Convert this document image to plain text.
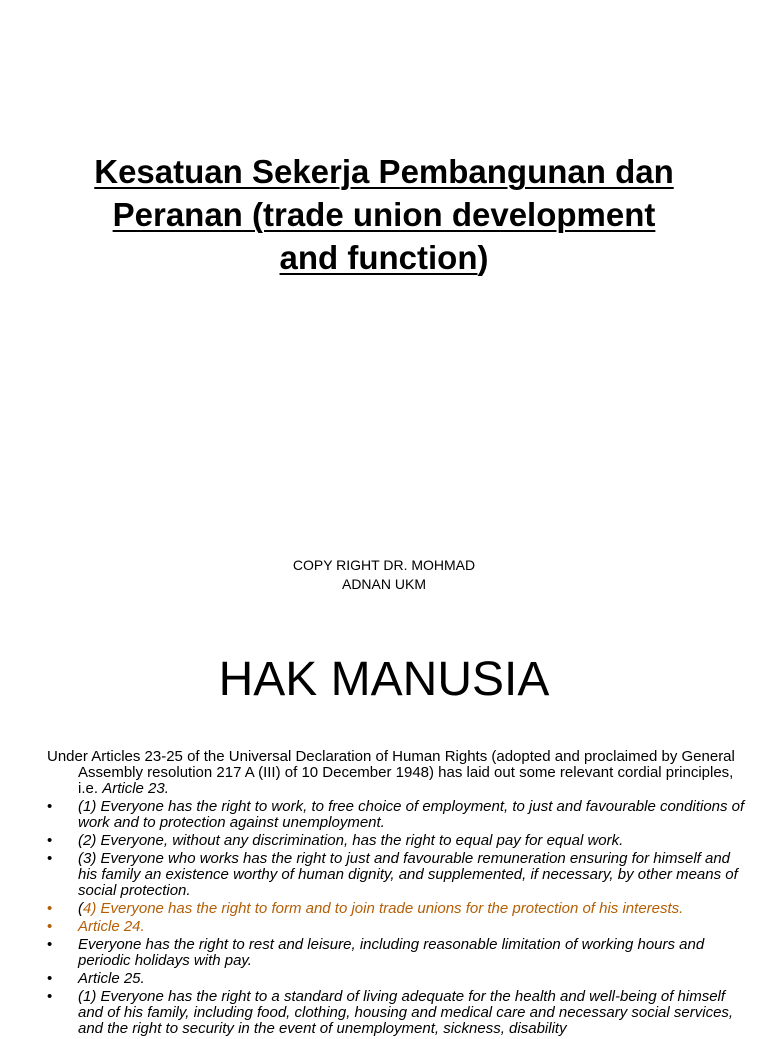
Kesatuan Sekerja Pembangunan dan
Peranan (trade union development
and function)

COPY RIGHT DR. MOHMAD
ADNAN UKM

HAK MANUSIA

Under Articles 23-25 of the Universal Declaration of Human Rights (adopted and proclaimed by General Assembly resolution 217 A (III) of 10 December 1948) has laid out some relevant cordial principles, i.e. Article 23.

•	(1) Everyone has the right to work, to free choice of employment, to just and favourable conditions of work and to protection against unemployment.
•	(2) Everyone, without any discrimination, has the right to equal pay for equal work.
•	(3) Everyone who works has the right to just and favourable remuneration ensuring for himself and his family an existence worthy of human dignity, and supplemented, if necessary, by other means of social protection.
•	(4) Everyone has the right to form and to join trade unions for the protection of his interests.
•	Article 24.
•	Everyone has the right to rest and leisure, including reasonable limitation of working hours and periodic holidays with pay.
•	Article 25.
•	(1) Everyone has the right to a standard of living adequate for the health and well-being of himself and of his family, including food, clothing, housing and medical care and necessary social services, and the right to security in the event of unemployment, sickness, disability
